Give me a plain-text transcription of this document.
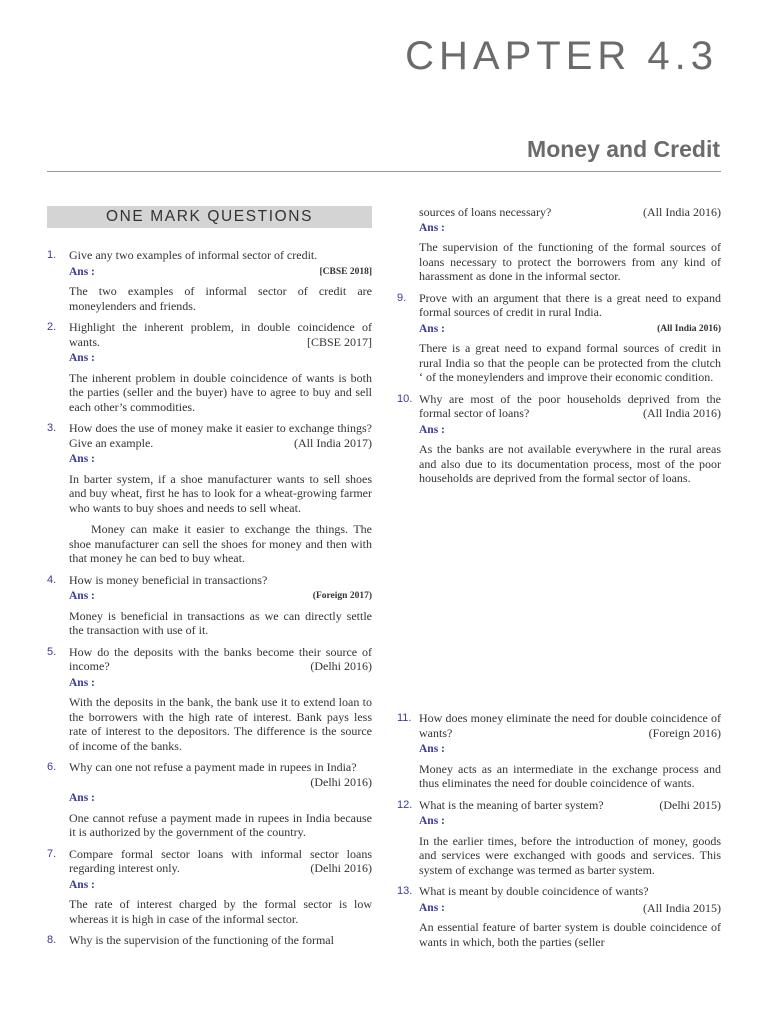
CHAPTER 4.3
Money and Credit
ONE MARK QUESTIONS
1.	Give any two examples of informal sector of credit.
Ans :	[CBSE 2018]
The two examples of informal sector of credit are moneylenders and friends.
2.	Highlight the inherent problem, in double coincidence of wants.	[CBSE 2017]
Ans :
The inherent problem in double coincidence of wants is both the parties (seller and the buyer) have to agree to buy and sell each other’s commodities.
3.	How does the use of money make it easier to exchange things? Give an example.	(All India 2017)
Ans :
In barter system, if a shoe manufacturer wants to sell shoes and buy wheat, first he has to look for a wheat-growing farmer who wants to buy shoes and needs to sell wheat.
Money can make it easier to exchange the things. The shoe manufacturer can sell the shoes for money and then with that money he can bed to buy wheat.
4.	How is money beneficial in transactions?
Ans :	(Foreign 2017)
Money is beneficial in transactions as we can directly settle the transaction with use of it.
5.	How do the deposits with the banks become their source of income?	(Delhi 2016)
Ans :
With the deposits in the bank, the bank use it to extend loan to the borrowers with the high rate of interest. Bank pays less rate of interest to the depositors. The difference is the source of income of the banks.
6.	Why can one not refuse a payment made in rupees in India?
(Delhi 2016)
Ans :
One cannot refuse a payment made in rupees in India because it is authorized by the government of the country.
7.	Compare formal sector loans with informal sector loans regarding interest only.	(Delhi 2016)
Ans :
The rate of interest charged by the formal sector is low whereas it is high in case of the informal sector.
8.	Why is the supervision of the functioning of the formal
sources of loans necessary?	(All India 2016)
Ans :
The supervision of the functioning of the formal sources of loans necessary to protect the borrowers from any kind of harassment as done in the informal sector.
9.	Prove with an argument that there is a great need to expand formal sources of credit in rural India.
Ans :	(All India 2016)
There is a great need to expand formal sources of credit in rural India so that the people can be protected from the clutch ‘ of the moneylenders and improve their economic condition.
10. Why are most of the poor households deprived from the formal sector of loans?	(All India 2016)
Ans :
As the banks are not available everywhere in the rural areas and also due to its documentation process, most of the poor households are deprived from the formal sector of loans.
11. How does money eliminate the need for double coincidence of wants?	(Foreign 2016)
Ans :
Money acts as an intermediate in the exchange process and thus eliminates the need for double coincidence of wants.
12. What is the meaning of barter system?	(Delhi 2015)
Ans :
In the earlier times, before the introduction of money, goods and services were exchanged with goods and services. This system of exchange was termed as barter system.
13. What is meant by double coincidence of wants?
Ans :	(All India 2015)
An essential feature of barter system is double coincidence of wants in which, both the parties (seller
